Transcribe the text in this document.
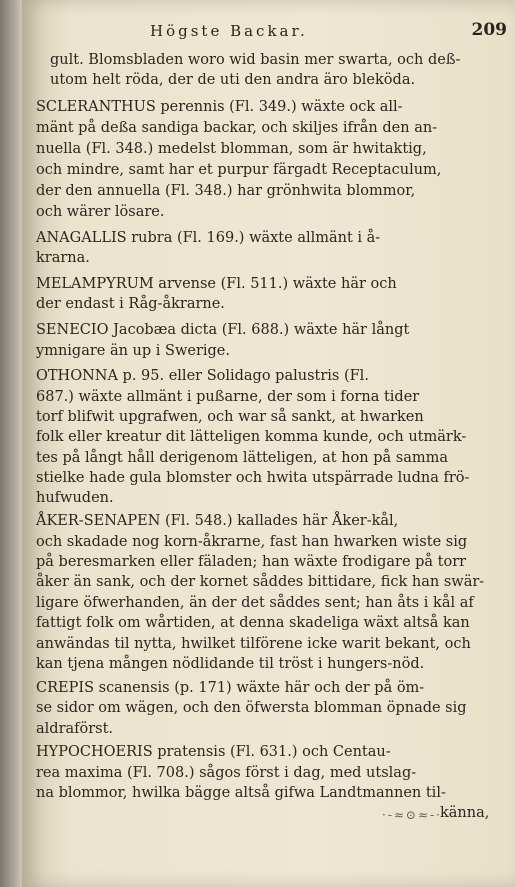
Högste Backar.	209
gult. Blomsbladen woro wid basin mer swarta, och deß-
utom helt röda, der de uti den andra äro bleköda.
SCLERANTHUS perennis (Fl. 349.) wäxte ock all-
mänt på deßa sandiga backar, och skiljes ifrån den an-
nuella (Fl. 348.) medelst blomman, som är hwitaktig,
och mindre, samt har et purpur färgadt Receptaculum,
der den annuella (Fl. 348.) har grönhwita blommor,
och wärer lösare.
ANAGALLIS rubra (Fl. 169.) wäxte allmänt i å-
krarna.
MELAMPYRUM arvense (Fl. 511.) wäxte här och
der endast i Råg-åkrarne.
SENECIO Jacobæa dicta (Fl. 688.) wäxte här långt
ymnigare än up i Swerige.
OTHONNA p. 95. eller Solidago palustris (Fl.
687.) wäxte allmänt i pußarne, der som i forna tider
torf blifwit upgrafwen, och war så sankt, at hwarken
folk eller kreatur dit lätteligen komma kunde, och utmärk-
tes på långt håll derigenom lätteligen, at hon på samma
stielke hade gula blomster och hwita utspärrade ludna frö-
hufwuden.
ÅKER-SENAPEN (Fl. 548.) kallades här Åker-kål,
och skadade nog korn-åkrarne, fast han hwarken wiste sig
på beresmarken eller fäladen; han wäxte frodigare på torr
åker än sank, och der kornet såddes bittidare, fick han swär-
ligare öfwerhanden, än der det såddes sent; han åts i kål af
fattigt folk om wårtiden, at denna skadeliga wäxt altså kan
anwändas til nytta, hwilket tilförene icke warit bekant, och
kan tjena mången nödlidande til tröst i hungers-nöd.
CREPIS scanensis (p. 171) wäxte här och der på öm-
se sidor om wägen, och den öfwersta blomman öpnade sig
aldraförst.
HYPOCHOERIS pratensis (Fl. 631.) och Centau-
rea maxima (Fl. 708.) sågos först i dag, med utslag-
na blommor, hwilka bägge altså gifwa Landtmannen til-
känna,
·-≈⊙≈-·
